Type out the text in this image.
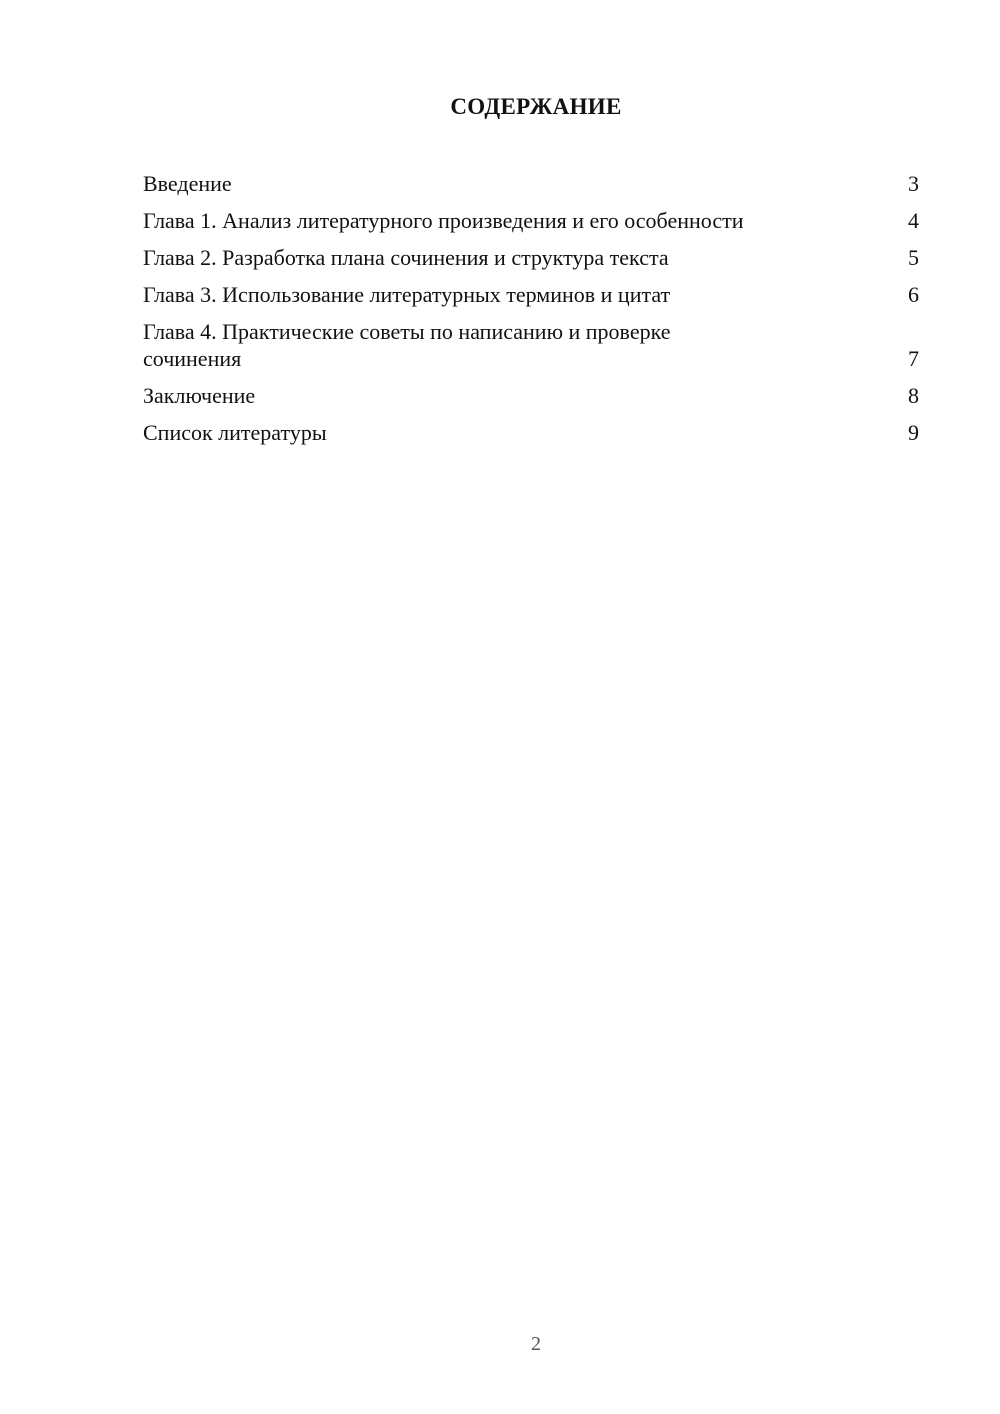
СОДЕРЖАНИЕ
Введение	3
Глава 1. Анализ литературного произведения и его особенности	4
Глава 2. Разработка плана сочинения и структура текста	5
Глава 3. Использование литературных терминов и цитат	6
Глава 4. Практические советы по написанию и проверке сочинения	7
Заключение	8
Список литературы	9
2
